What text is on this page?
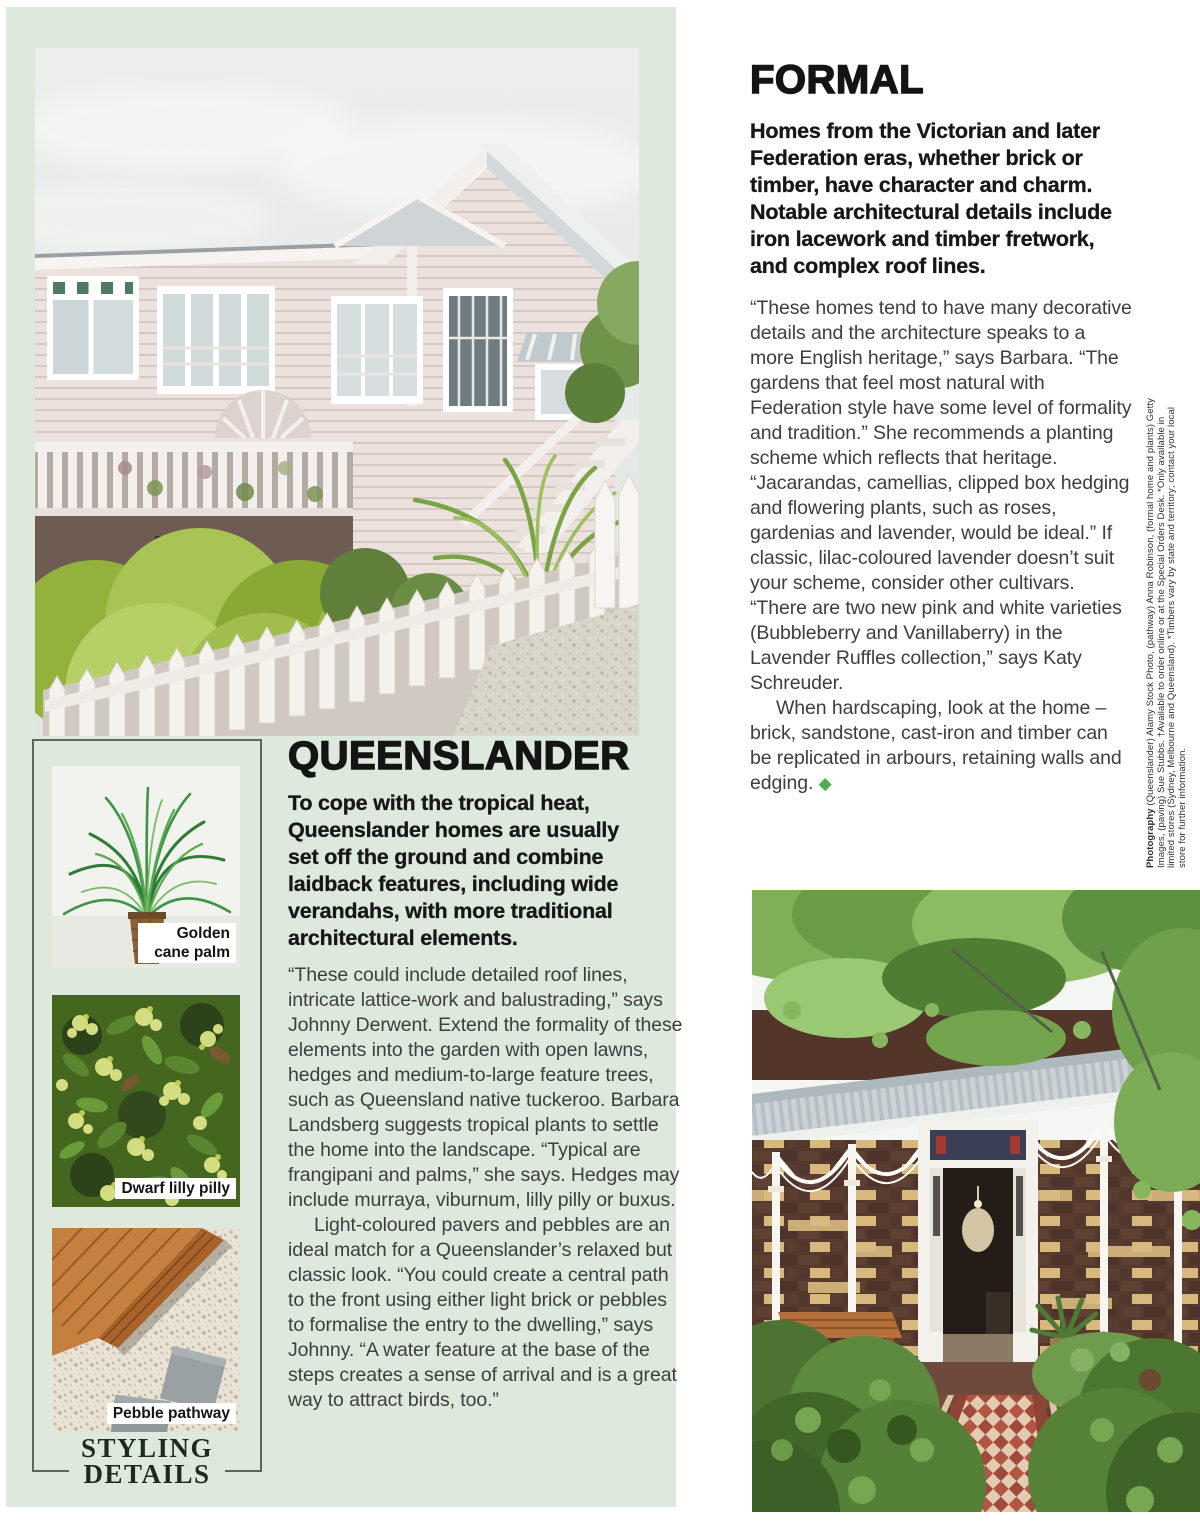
Golden cane palm
Dwarf lilly pilly
Pebble pathway
STYLING
DETAILS
QUEENSLANDER
To cope with the tropical heat, Queenslander homes are usually set off the ground and combine laidback features, including wide verandahs, with more traditional architectural elements.

“These could include detailed roof lines, intricate lattice-work and balustrading,” says Johnny Derwent. Extend the formality of these elements into the garden with open lawns, hedges and medium-to-large feature trees, such as Queensland native tuckeroo. Barbara Landsberg suggests tropical plants to settle the home into the landscape. “Typical are frangipani and palms,” she says. Hedges may include murraya, viburnum, lilly pilly or buxus.

Light-coloured pavers and pebbles are an ideal match for a Queenslander’s relaxed but classic look. “You could create a central path to the front using either light brick or pebbles to formalise the entry to the dwelling,” says Johnny. “A water feature at the base of the steps creates a sense of arrival and is a great way to attract birds, too.”

FORMAL
Homes from the Victorian and later Federation eras, whether brick or timber, have character and charm. Notable architectural details include iron lacework and timber fretwork, and complex roof lines.

“These homes tend to have many decorative details and the architecture speaks to a more English heritage,” says Barbara. “The gardens that feel most natural with Federation style have some level of formality and tradition.” She recommends a planting scheme which reflects that heritage. “Jacarandas, camellias, clipped box hedging and flowering plants, such as roses, gardenias and lavender, would be ideal.” If classic, lilac-coloured lavender doesn’t suit your scheme, consider other cultivars. “There are two new pink and white varieties (Bubbleberry and Vanillaberry) in the Lavender Ruffles collection,” says Katy Schreuder.

When hardscaping, look at the home – brick, sandstone, cast-iron and timber can be replicated in arbours, retaining walls and edging. ◆

Photography (Queenslander) Alamy Stock Photo, (pathway) Anna Robinson, (formal home and plants) Getty Images, (paving) Sue Stubbs. †Available to order online or at the Special Orders Desk. *Only available in limited stores (Sydney, Melbourne and Queensland). *Timbers vary by state and territory; contact your local store for further information.
